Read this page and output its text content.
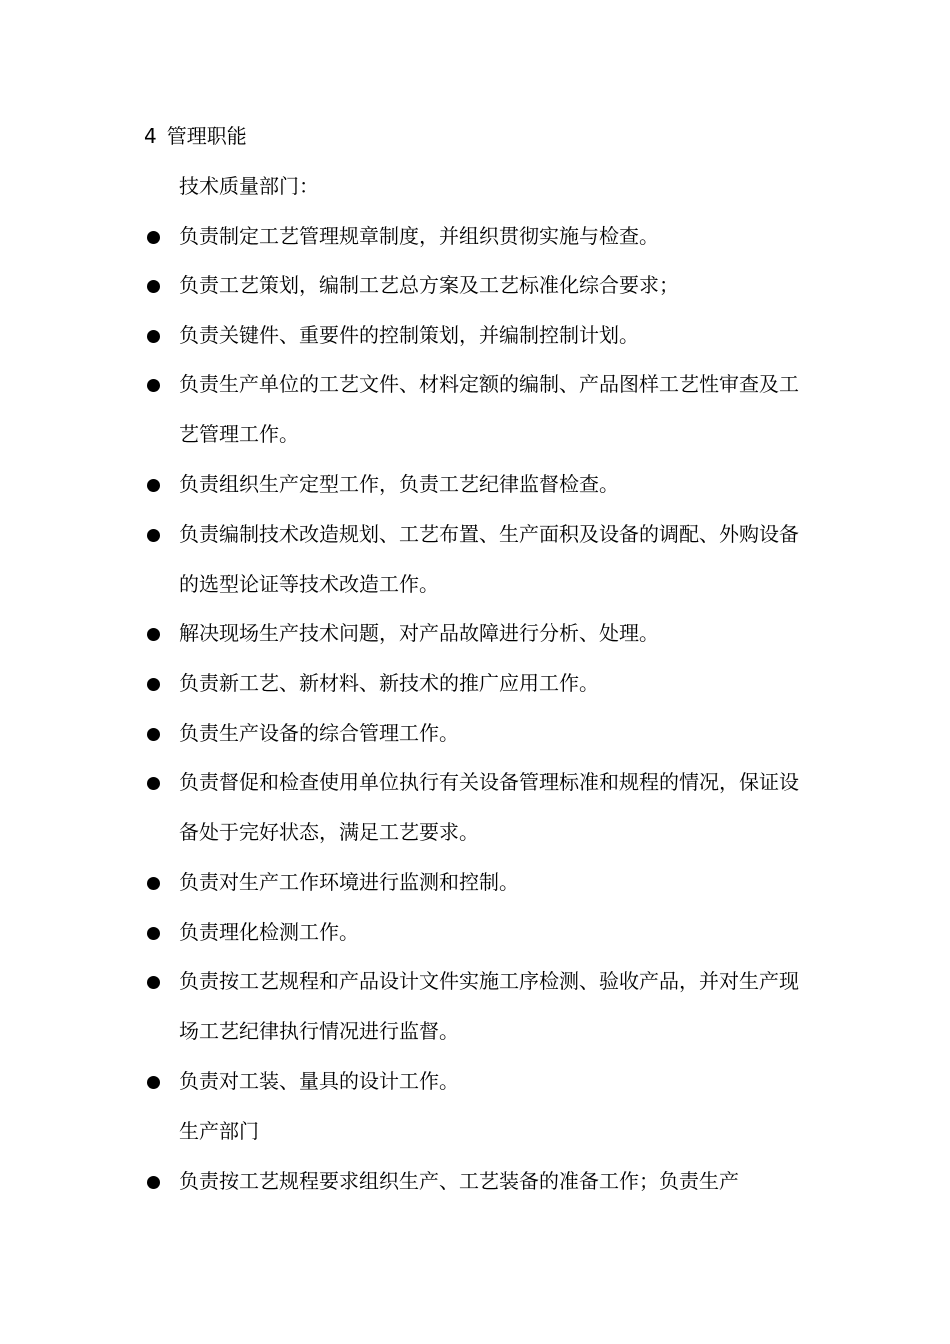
4 管理职能
技术质量部门：
负责制定工艺管理规章制度，并组织贯彻实施与检查。
负责工艺策划，编制工艺总方案及工艺标准化综合要求；
负责关键件、重要件的控制策划，并编制控制计划。
负责生产单位的工艺文件、材料定额的编制、产品图样工艺性审查及工艺管理工作。
负责组织生产定型工作，负责工艺纪律监督检查。
负责编制技术改造规划、工艺布置、生产面积及设备的调配、外购设备的选型论证等技术改造工作。
解决现场生产技术问题，对产品故障进行分析、处理。
负责新工艺、新材料、新技术的推广应用工作。
负责生产设备的综合管理工作。
负责督促和检查使用单位执行有关设备管理标准和规程的情况，保证设备处于完好状态，满足工艺要求。
负责对生产工作环境进行监测和控制。
负责理化检测工作。
负责按工艺规程和产品设计文件实施工序检测、验收产品，并对生产现场工艺纪律执行情况进行监督。
负责对工装、量具的设计工作。
生产部门
负责按工艺规程要求组织生产、工艺装备的准备工作；负责生产
